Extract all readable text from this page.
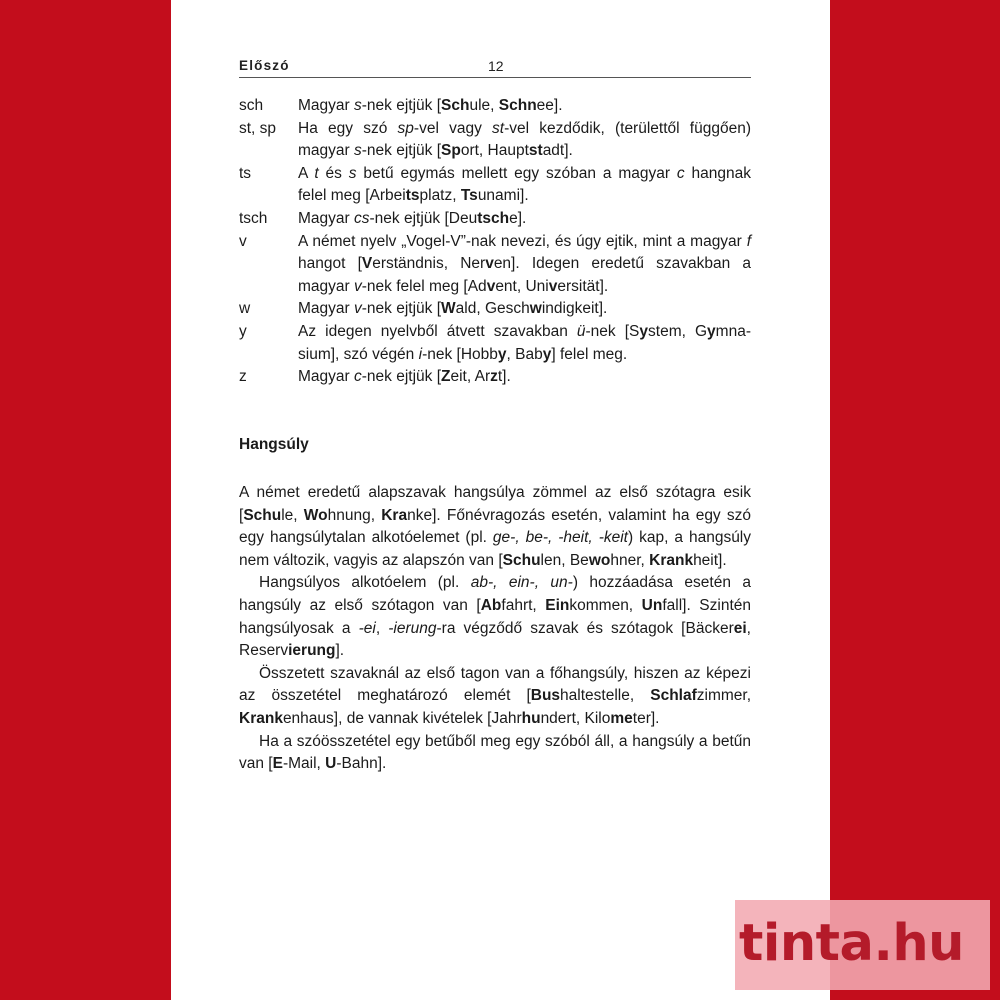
Előszó	12
sch	Magyar s-nek ejtjük [Schule, Schnee].
st, sp	Ha egy szó sp-vel vagy st-vel kezdődik, (területtől függően) magyar s-nek ejtjük [Sport, Hauptstadt].
ts	A t és s betű egymás mellett egy szóban a magyar c hangnak felel meg [Arbeitsplatz, Tsunami].
tsch	Magyar cs-nek ejtjük [Deutsche].
v	A német nyelv „Vogel-V”-nak nevezi, és úgy ejtik, mint a magyar f hangot [Verständnis, Nerven]. Idegen eredetű szavakban a magyar v-nek felel meg [Advent, Universität].
w	Magyar v-nek ejtjük [Wald, Geschwindigkeit].
y	Az idegen nyelvből átvett szavakban ü-nek [System, Gymnasium], szó végén i-nek [Hobby, Baby] felel meg.
z	Magyar c-nek ejtjük [Zeit, Arzt].
Hangsúly

A német eredetű alapszavak hangsúlya zömmel az első szótagra esik [Schule, Wohnung, Kranke]. Főnévragozás esetén, valamint ha egy szó egy hangsúlytalan alkotóelemet (pl. ge-, be-, -heit, -keit) kap, a hangsúly nem változik, vagyis az alapszón van [Schulen, Bewohner, Krankheit].

Hangsúlyos alkotóelem (pl. ab-, ein-, un-) hozzáadása esetén a hangsúly az első szótagon van [Abfahrt, Einkommen, Unfall]. Szintén hangsúlyosak a -ei, -ierung-ra végződő szavak és szótagok [Bäckerei, Reservierung].

Összetett szavaknál az első tagon van a főhangsúly, hiszen az képezi az összetétel meghatározó elemét [Bushaltestelle, Schlafzimmer, Krankenhaus], de vannak kivételek [Jahrhundert, Kilometer].

Ha a szóösszetétel egy betűből meg egy szóból áll, a hangsúly a betűn van [E-Mail, U-Bahn].

tinta.hu
